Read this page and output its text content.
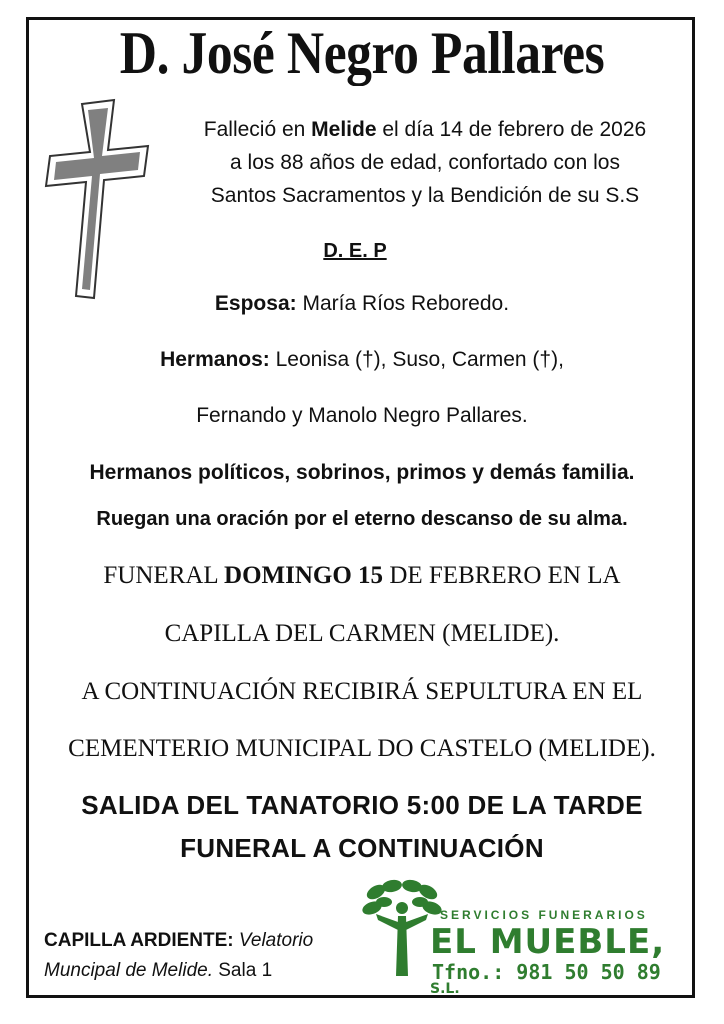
D. José Negro Pallares
Falleció en Melide el día 14 de febrero de 2026
a los 88 años de edad, confortado con los
Santos Sacramentos y la Bendición de su S.S
D. E. P
Esposa: María Ríos Reboredo.
Hermanos: Leonisa (†), Suso, Carmen (†),
Fernando y Manolo Negro Pallares.
Hermanos políticos, sobrinos, primos y demás familia.
Ruegan una oración por el eterno descanso de su alma.
FUNERAL DOMINGO 15 DE FEBRERO EN LA
CAPILLA DEL CARMEN (MELIDE).
A CONTINUACIÓN RECIBIRÁ SEPULTURA EN EL
CEMENTERIO MUNICIPAL DO CASTELO (MELIDE).
SALIDA DEL TANATORIO 5:00 DE LA TARDE
FUNERAL A CONTINUACIÓN
CAPILLA ARDIENTE: Velatorio
Muncipal de Melide. Sala 1
SERVICIOS FUNERARIOS
EL MUEBLE, S.L.
Tfno.: 981 50 50 89
